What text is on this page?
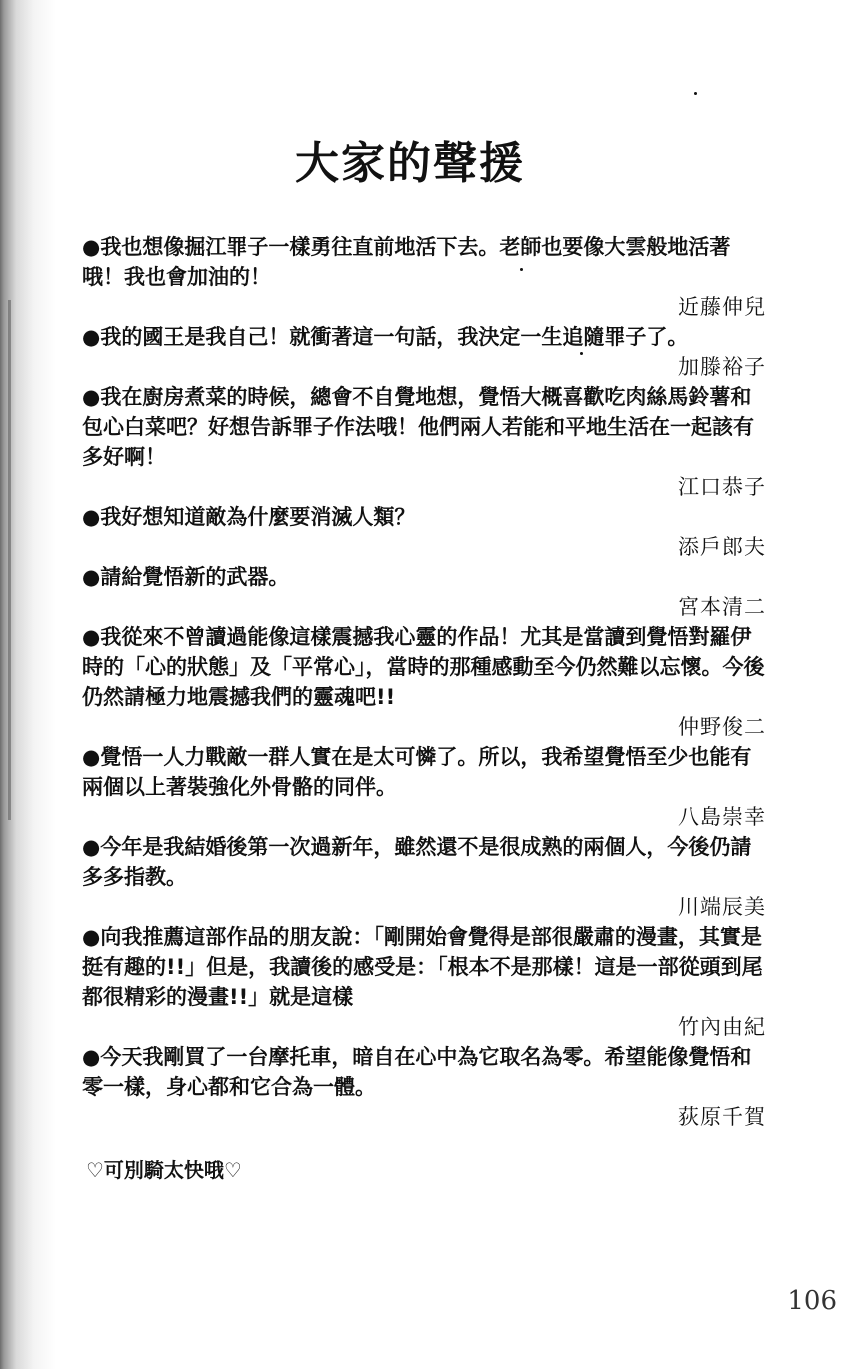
大家的聲援
●我也想像掘江罪子一樣勇往直前地活下去。老師也要像大雲般地活著哦！我也會加油的！
近藤伸兒
●我的國王是我自己！就衝著這一句話，我決定一生追隨罪子了。
加滕裕子
●我在廚房煮菜的時候，總會不自覺地想，覺悟大概喜歡吃肉絲馬鈴薯和包心白菜吧？好想告訴罪子作法哦！他們兩人若能和平地生活在一起該有多好啊！
江口恭子
●我好想知道敵為什麼要消滅人類？
添戶郎夫
●請給覺悟新的武器。
宮本清二
●我從來不曾讀過能像這樣震撼我心靈的作品！尤其是當讀到覺悟對羅伊時的「心的狀態」及「平常心」，當時的那種感動至今仍然難以忘懷。今後仍然請極力地震撼我們的靈魂吧!!
仲野俊二
●覺悟一人力戰敵一群人實在是太可憐了。所以，我希望覺悟至少也能有兩個以上著裝強化外骨骼的同伴。
八島崇幸
●今年是我結婚後第一次過新年，雖然還不是很成熟的兩個人，今後仍請多多指教。
川端辰美
●向我推薦這部作品的朋友說：「剛開始會覺得是部很嚴肅的漫畫，其實是挺有趣的!!」但是，我讀後的感受是：「根本不是那樣！這是一部從頭到尾都很精彩的漫畫!!」就是這樣
竹內由紀
●今天我剛買了一台摩托車，暗自在心中為它取名為零。希望能像覺悟和零一樣，身心都和它合為一體。
荻原千賀
♡可別騎太快哦♡
106
